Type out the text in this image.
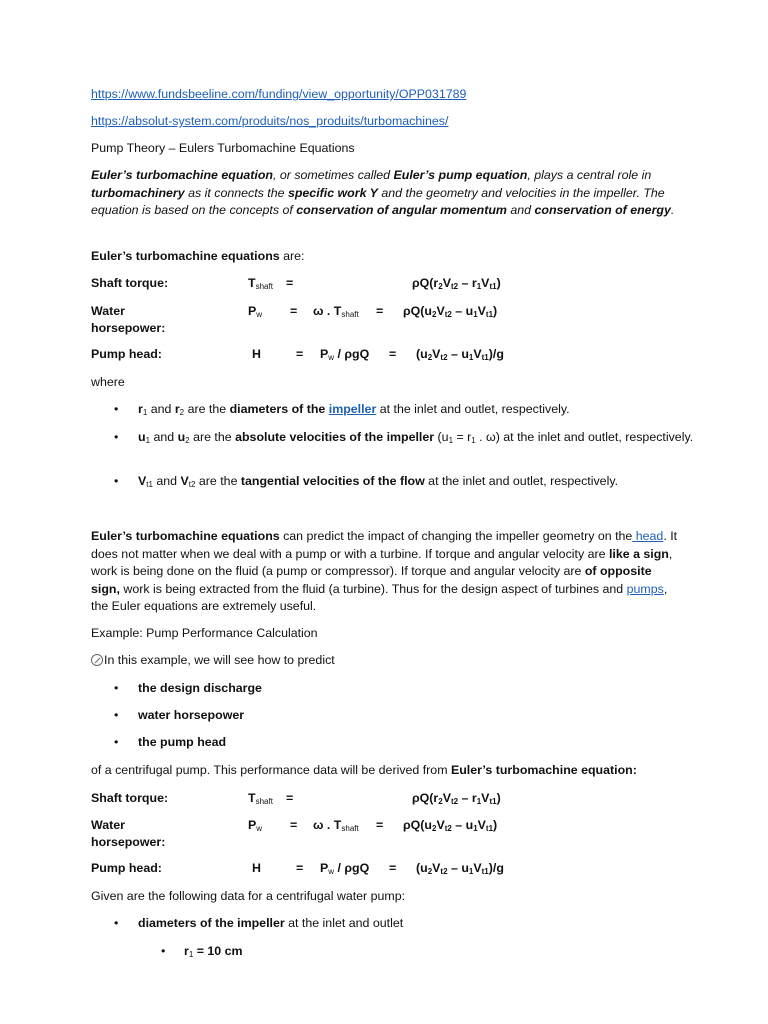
https://www.fundsbeeline.com/funding/view_opportunity/OPP031789
https://absolut-system.com/produits/nos_produits/turbomachines/
Pump Theory – Eulers Turbomachine Equations
Euler’s turbomachine equation, or sometimes called Euler’s pump equation, plays a central role in turbomachinery as it connects the specific work Y and the geometry and velocities in the impeller. The equation is based on the concepts of conservation of angular momentum and conservation of energy.
Euler’s turbomachine equations are:
Shaft torque:	Tshaft =	$\rho Q(r_2V_{t2} - r_1V_{t1})$
Water
horsepower:
Pw = ω . Tshaft = $\rho Q(u_2V_{t2} - u_1V_{t1})$
Pump head:	H	= $Pw / \rho gQ = (u_2V_{t2} - u_1V_{t1})/g$
where
• r1 and r2 are the diameters of the impeller at the inlet and outlet, respectively.
• u1 and u2 are the absolute velocities of the impeller (u1 = r1 . ω) at the inlet and outlet, respectively.
• Vt1 and Vt2 are the tangential velocities of the flow at the inlet and outlet, respectively.
Euler’s turbomachine equations can predict the impact of changing the impeller geometry on the head. It does not matter when we deal with a pump or with a turbine. If torque and angular velocity are like a sign, work is being done on the fluid (a pump or compressor). If torque and angular velocity are of opposite sign, work is being extracted from the fluid (a turbine). Thus for the design aspect of turbines and pumps, the Euler equations are extremely useful.
Example: Pump Performance Calculation
In this example, we will see how to predict
• the design discharge
• water horsepower
• the pump head
of a centrifugal pump. This performance data will be derived from Euler’s turbomachine equation:
Shaft torque:	Tshaft =	$\rho Q(r_2V_{t2} - r_1V_{t1})$
Water
horsepower:
Pw = ω . Tshaft = $\rho Q(u_2V_{t2} - u_1V_{t1})$
Pump head:	H	= $Pw / \rho gQ = (u_2V_{t2} - u_1V_{t1})/g$
Given are the following data for a centrifugal water pump:
• diameters of the impeller at the inlet and outlet
• r1 = 10 cm
